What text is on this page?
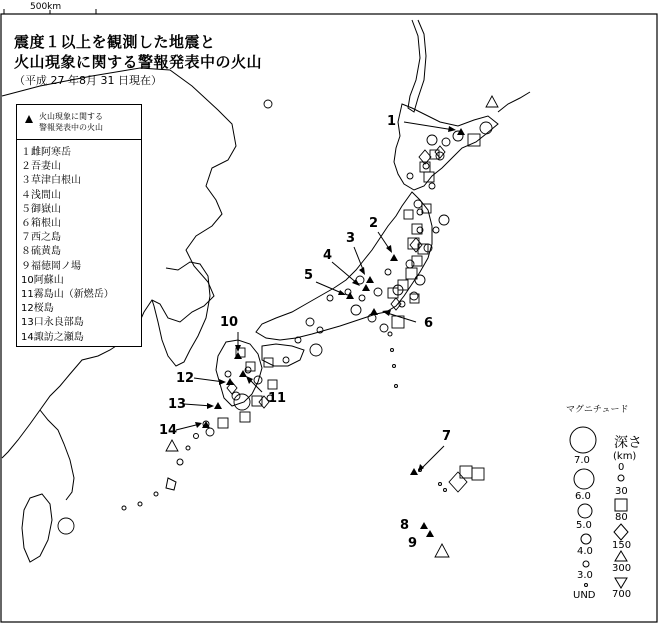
震度１以上を観測した地震と
火山現象に関する警報発表中の火山
（平成 27 年8月 31 日現在）
500km
火山現象に関する
警報発表中の火山
１雌阿寒岳
２吾妻山
３草津白根山
４浅間山
５御嶽山
６箱根山
７西之島
８硫黄島
９福徳岡ノ場
10阿蘇山
11霧島山（新燃岳）
12桜島
13口永良部島
14諏訪之瀬島
マグニチュード
7.0
6.0
5.0
4.0
3.0
UND
深さ
(km)
0
30
80
150
300
700
1
2
3
4
5
6
7
8
9
10
11
12
13
14
